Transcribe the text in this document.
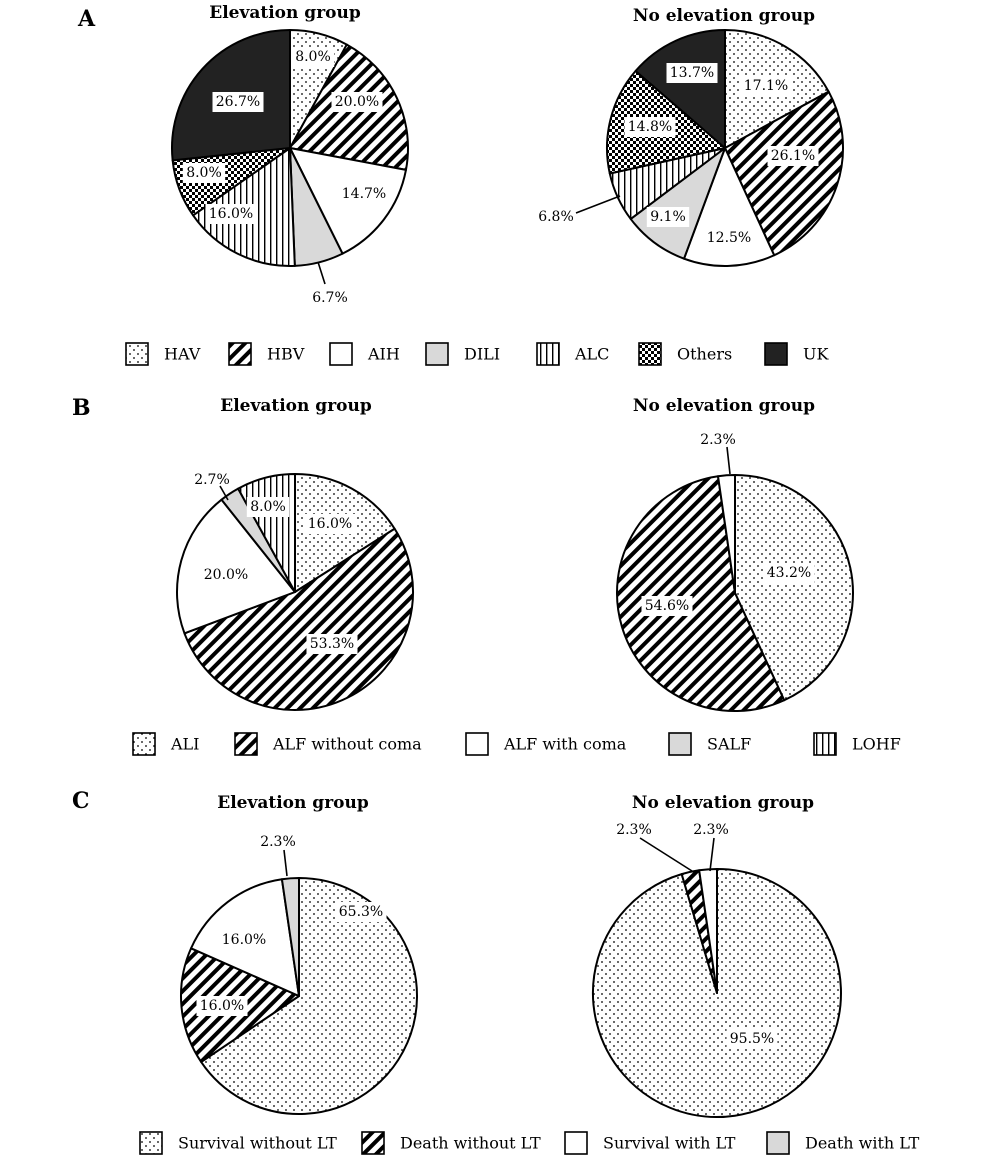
A
B
C
Elevation group	No elevation group
Elevation group	No elevation group
Elevation group	No elevation group
8.0%
20.0%
14.7%
6.7%
16.0%
8.0%
26.7%
17.1%
26.1%
12.5%
9.1%
6.8%
14.8%
13.7%
16.0%
53.3%
20.0%
2.7%
8.0%
43.2%
54.6%
2.3%
65.3%
16.0%
16.0%
2.3%
95.5%
2.3%	2.3%
HAV	HBV	AIH	DILI	ALC	Others	UK
ALI	ALF without coma	ALF with coma	SALF	LOHF
Survival without LT	Death without LT	Survival with LT	Death with LT
